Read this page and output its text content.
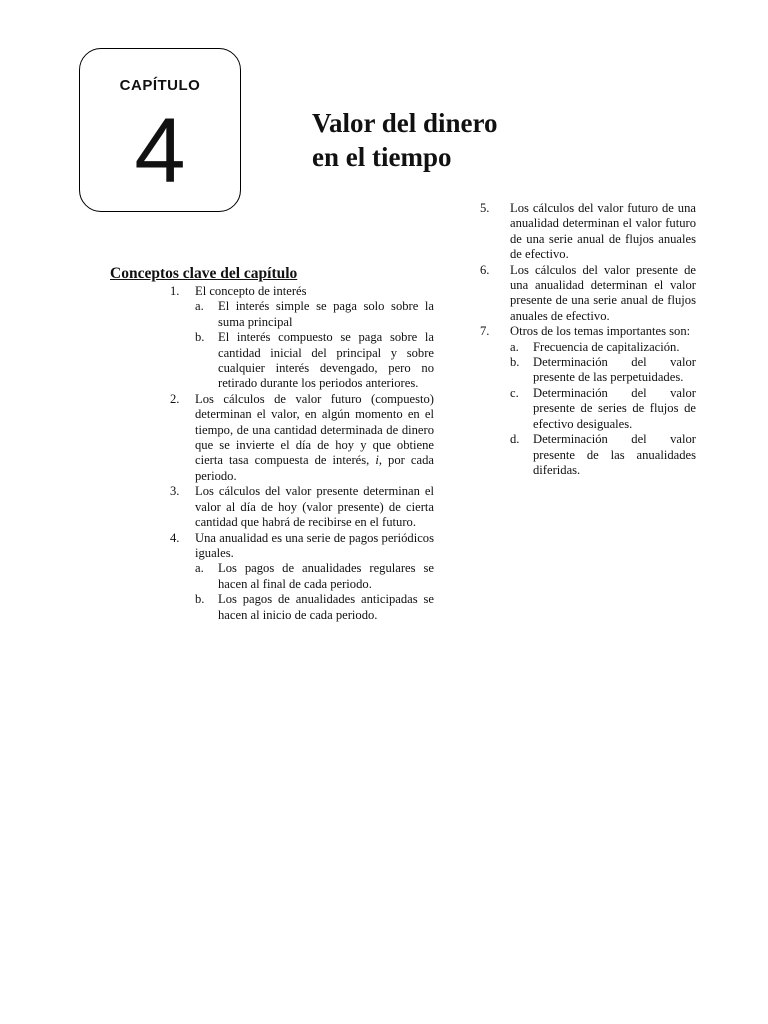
CAPÍTULO
4	Valor del dinero
en el tiempo
Conceptos clave del capítulo
1. El concepto de interés
a. El interés simple se paga solo sobre la suma principal
b. El interés compuesto se paga sobre la cantidad inicial del principal y sobre cualquier interés devengado, pero no retirado durante los periodos anteriores.
2. Los cálculos de valor futuro (compuesto) determinan el valor, en algún momento en el tiempo, de una cantidad determinada de dinero que se invierte el día de hoy y que obtiene cierta tasa compuesta de interés, i, por cada periodo.
3. Los cálculos del valor presente determinan el valor al día de hoy (valor presente) de cierta cantidad que habrá de recibirse en el futuro.
4. Una anualidad es una serie de pagos periódicos iguales.
a. Los pagos de anualidades regulares se hacen al final de cada periodo.
b. Los pagos de anualidades anticipadas se hacen al inicio de cada periodo.
5. Los cálculos del valor futuro de una anualidad determinan el valor futuro de una serie anual de flujos anuales de efectivo.
6. Los cálculos del valor presente de una anualidad determinan el valor presente de una serie anual de flujos anuales de efectivo.
7. Otros de los temas importantes son:
a. Frecuencia de capitalización.
b. Determinación del valor presente de las perpetuidades.
c. Determinación del valor presente de series de flujos de efectivo desiguales.
d. Determinación del valor presente de las anualidades diferidas.
